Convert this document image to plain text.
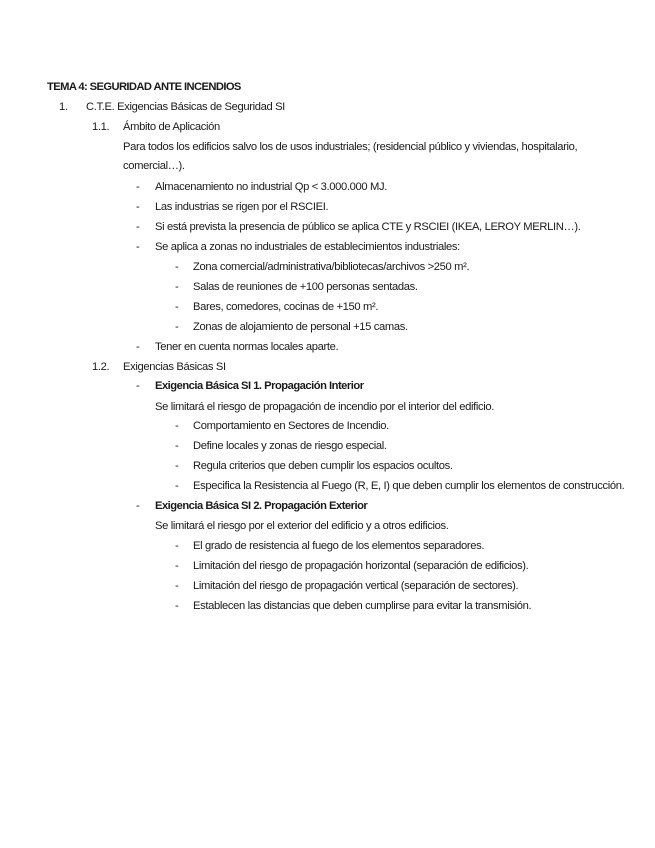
TEMA 4: SEGURIDAD ANTE INCENDIOS
1. C.T.E. Exigencias Básicas de Seguridad SI
1.1. Ámbito de Aplicación
Para todos los edificios salvo los de usos industriales; (residencial público y viviendas, hospitalario,
comercial…).
- Almacenamiento no industrial Qp < 3.000.000 MJ.
- Las industrias se rigen por el RSCIEI.
- Si está prevista la presencia de público se aplica CTE y RSCIEI (IKEA, LEROY MERLIN…).
- Se aplica a zonas no industriales de establecimientos industriales:
- Zona comercial/administrativa/bibliotecas/archivos >250 m².
- Salas de reuniones de +100 personas sentadas.
- Bares, comedores, cocinas de +150 m².
- Zonas de alojamiento de personal +15 camas.
- Tener en cuenta normas locales aparte.
1.2. Exigencias Básicas SI
- Exigencia Básica SI 1. Propagación Interior
Se limitará el riesgo de propagación de incendio por el interior del edificio.
- Comportamiento en Sectores de Incendio.
- Define locales y zonas de riesgo especial.
- Regula criterios que deben cumplir los espacios ocultos.
- Especifica la Resistencia al Fuego (R, E, I) que deben cumplir los elementos de construcción.
- Exigencia Básica SI 2. Propagación Exterior
Se limitará el riesgo por el exterior del edificio y a otros edificios.
- El grado de resistencia al fuego de los elementos separadores.
- Limitación del riesgo de propagación horizontal (separación de edificios).
- Limitación del riesgo de propagación vertical (separación de sectores).
- Establecen las distancias que deben cumplirse para evitar la transmisión.
